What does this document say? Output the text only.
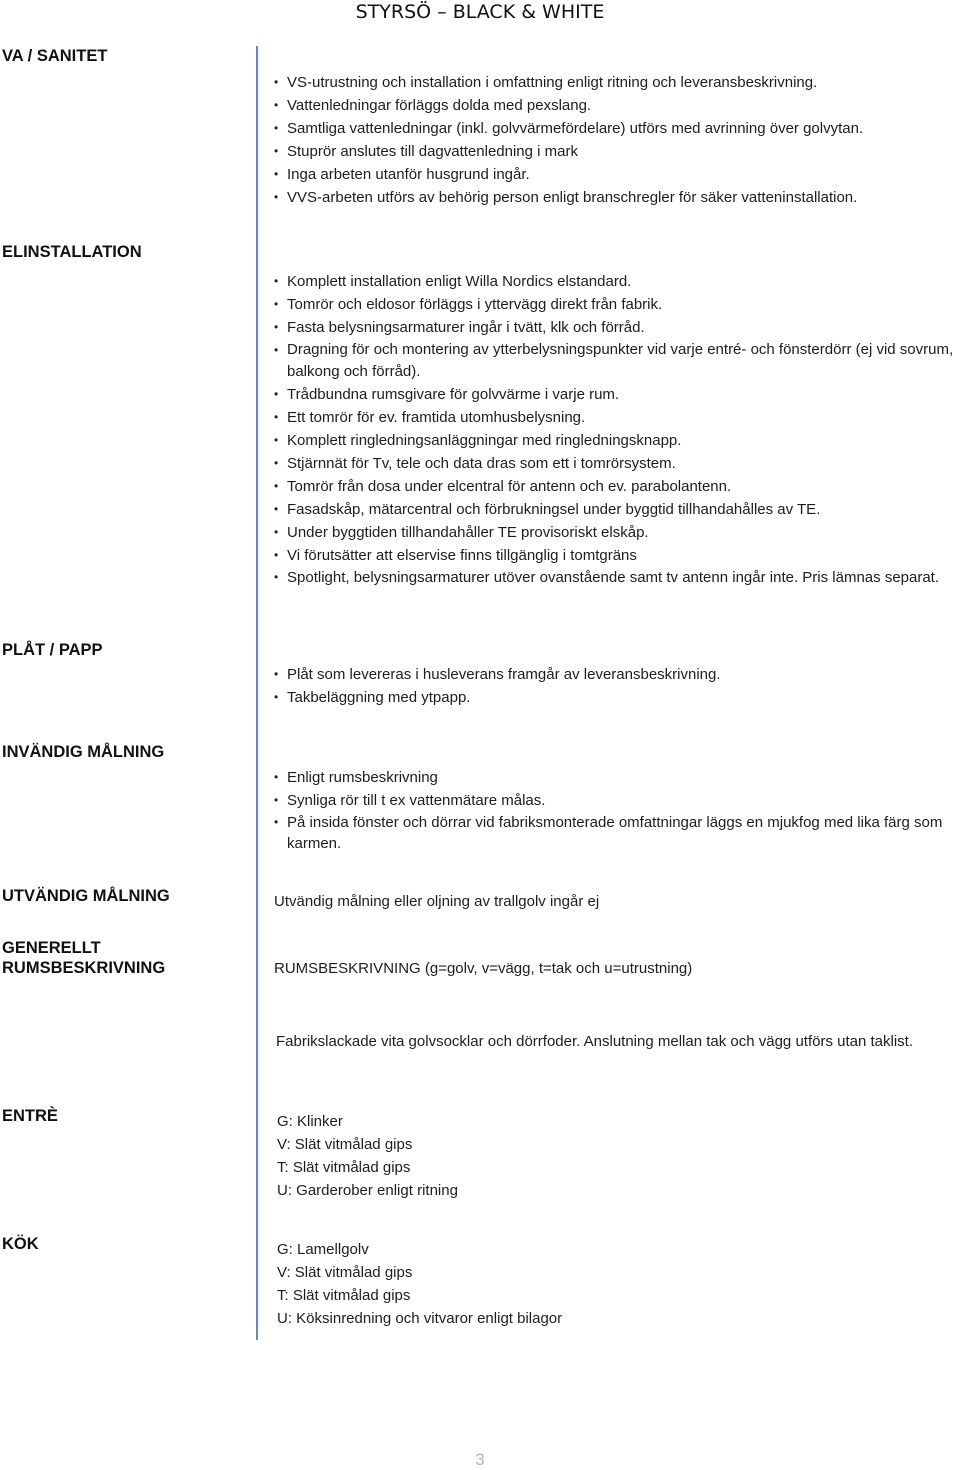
STYRSÖ – BLACK & WHITE
VA / SANITET
• VS-utrustning och installation i omfattning enligt ritning och leveransbeskrivning.
• Vattenledningar förläggs dolda med pexslang.
• Samtliga vattenledningar (inkl. golvvärmefördelare) utförs med avrinning över golvytan.
• Stuprör anslutes till dagvattenledning i mark
• Inga arbeten utanför husgrund ingår.
• VVS-arbeten utförs av behörig person enligt branschregler för säker vatteninstallation.
ELINSTALLATION
• Komplett installation enligt Willa Nordics elstandard.
• Tomrör och eldosor förläggs i yttervägg direkt från fabrik.
• Fasta belysningsarmaturer ingår i tvätt, klk och förråd.
• Dragning för och montering av ytterbelysningspunkter vid varje entré- och fönsterdörr (ej vid sovrum, balkong och förråd).
• Trådbundna rumsgivare för golvvärme i varje rum.
• Ett tomrör för ev. framtida utomhusbelysning.
• Komplett ringledningsanläggningar med ringledningsknapp.
• Stjärnnät för Tv, tele och data dras som ett i tomrörsystem.
• Tomrör från dosa under elcentral för antenn och ev. parabolantenn.
• Fasadskåp, mätarcentral och förbrukningsel under byggtid tillhandahålles av TE.
• Under byggtiden tillhandahåller TE provisoriskt elskåp.
• Vi förutsätter att elservise finns tillgänglig i tomtgräns
• Spotlight, belysningsarmaturer utöver ovanstående samt tv antenn ingår inte. Pris lämnas separat.
PLÅT / PAPP
• Plåt som levereras i husleverans framgår av leveransbeskrivning.
• Takbeläggning med ytpapp.
INVÄNDIG MÅLNING
• Enligt rumsbeskrivning
• Synliga rör till t ex vattenmätare målas.
• På insida fönster och dörrar vid fabriksmonterade omfattningar läggs en mjukfog med lika färg som karmen.
UTVÄNDIG MÅLNING	Utvändig målning eller oljning av trallgolv ingår ej

GENERELLT
RUMSBESKRIVNING	RUMSBESKRIVNING (g=golv, v=vägg, t=tak och u=utrustning)

Fabrikslackade vita golvsocklar och dörrfoder. Anslutning mellan tak och vägg utförs utan taklist.

ENTRÈ	G: Klinker
V: Slät vitmålad gips
T: Slät vitmålad gips
U: Garderober enligt ritning
KÖK	G: Lamellgolv
V: Slät vitmålad gips
T: Slät vitmålad gips
U: Köksinredning och vitvaror enligt bilagor
3
